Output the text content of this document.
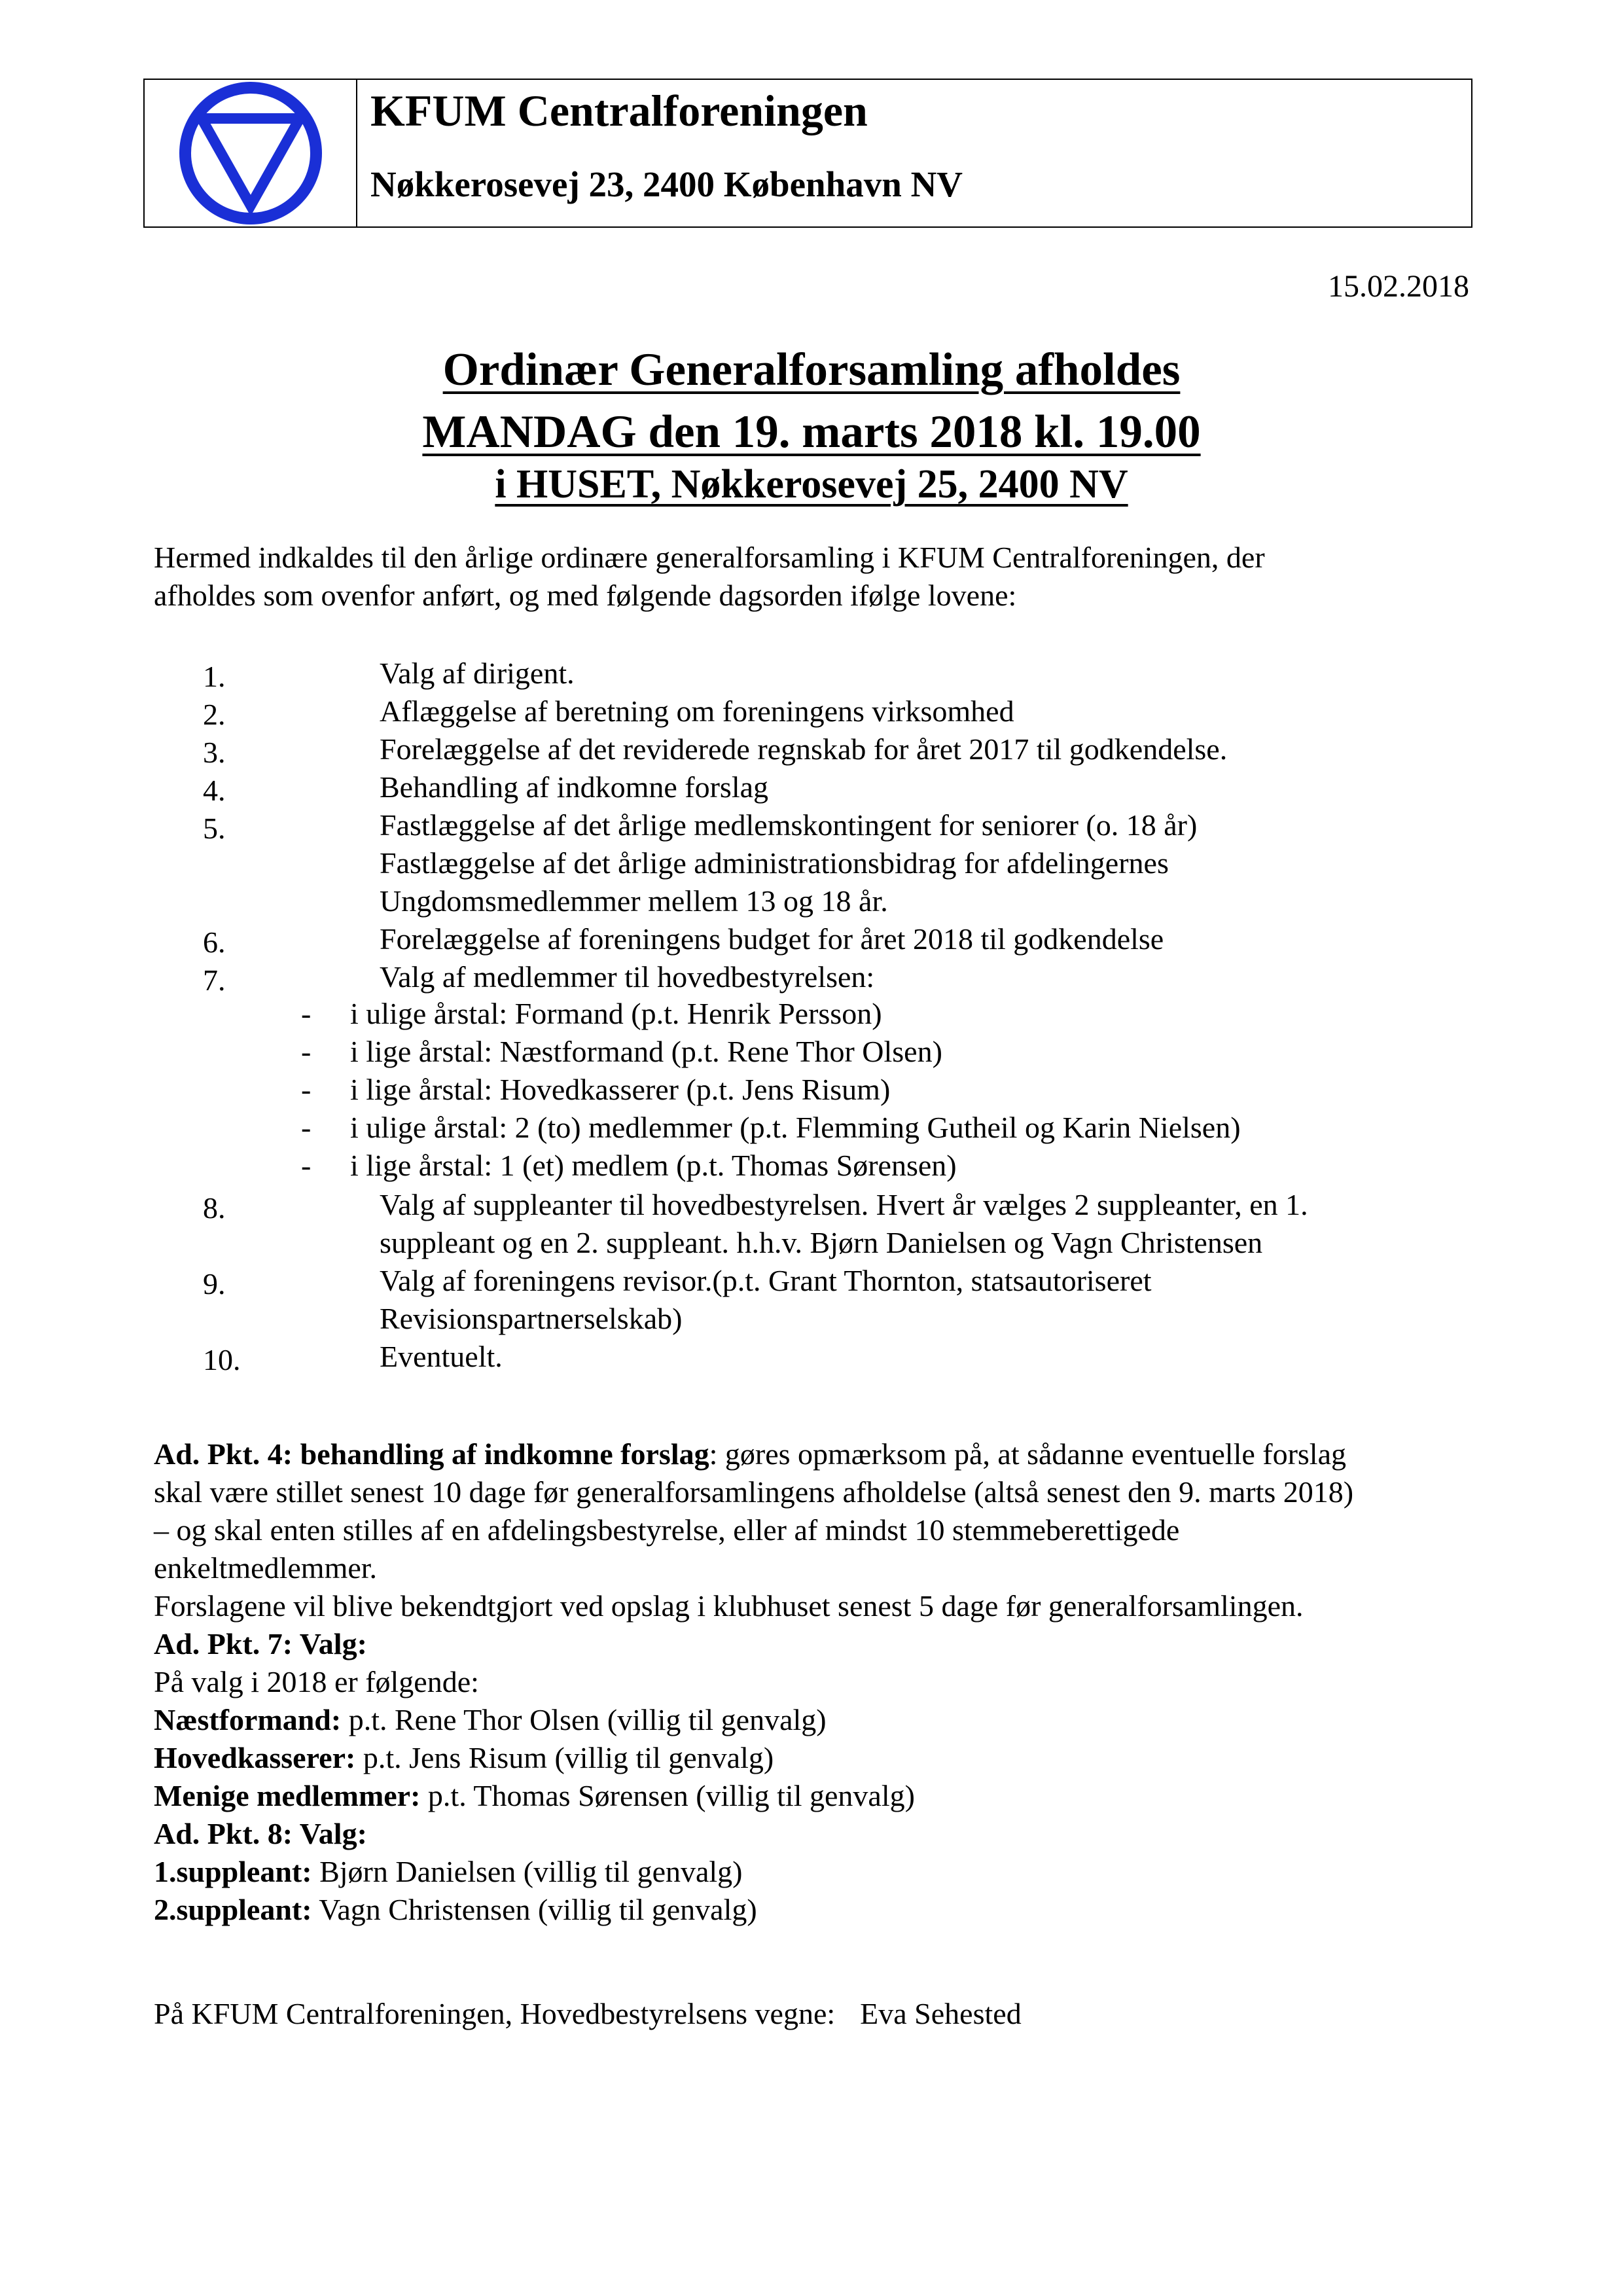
KFUM Centralforeningen
Nøkkerosevej 23, 2400 København NV
15.02.2018
Ordinær Generalforsamling afholdes
MANDAG den 19. marts 2018 kl. 19.00
i HUSET, Nøkkerosevej 25, 2400 NV
Hermed indkaldes til den årlige ordinære generalforsamling i KFUM Centralforeningen, der
afholdes som ovenfor anført, og med følgende dagsorden ifølge lovene:
1.	Valg af dirigent.
2.	Aflæggelse af beretning om foreningens virksomhed
3.	Forelæggelse af det reviderede regnskab for året 2017 til godkendelse.
4.	Behandling af indkomne forslag
5.	Fastlæggelse af det årlige medlemskontingent for seniorer (o. 18 år)
Fastlæggelse af det årlige administrationsbidrag for afdelingernes
Ungdomsmedlemmer mellem 13 og 18 år.
6.	Forelæggelse af foreningens budget for året 2018 til godkendelse
7.	Valg af medlemmer til hovedbestyrelsen:
- i ulige årstal: Formand (p.t. Henrik Persson)
- i lige årstal: Næstformand (p.t. Rene Thor Olsen)
- i lige årstal: Hovedkasserer (p.t. Jens Risum)
- i ulige årstal: 2 (to) medlemmer (p.t. Flemming Gutheil og Karin Nielsen)
- i lige årstal: 1 (et) medlem (p.t. Thomas Sørensen)
8.	Valg af suppleanter til hovedbestyrelsen. Hvert år vælges 2 suppleanter, en 1.
suppleant og en 2. suppleant. h.h.v. Bjørn Danielsen og Vagn Christensen
9.	Valg af foreningens revisor.(p.t. Grant Thornton, statsautoriseret
Revisionspartnerselskab)
10.	Eventuelt.
Ad. Pkt. 4: behandling af indkomne forslag: gøres opmærksom på, at sådanne eventuelle forslag
skal være stillet senest 10 dage før generalforsamlingens afholdelse (altså senest den 9. marts 2018)
– og skal enten stilles af en afdelingsbestyrelse, eller af mindst 10 stemmeberettigede
enkeltmedlemmer.
Forslagene vil blive bekendtgjort ved opslag i klubhuset senest 5 dage før generalforsamlingen.
Ad. Pkt. 7: Valg:
På valg i 2018 er følgende:
Næstformand: p.t. Rene Thor Olsen (villig til genvalg)
Hovedkasserer: p.t. Jens Risum (villig til genvalg)
Menige medlemmer: p.t. Thomas Sørensen (villig til genvalg)
Ad. Pkt. 8: Valg:
1.suppleant: Bjørn Danielsen (villig til genvalg)
2.suppleant: Vagn Christensen (villig til genvalg)
På KFUM Centralforeningen, Hovedbestyrelsens vegne: Eva Sehested
